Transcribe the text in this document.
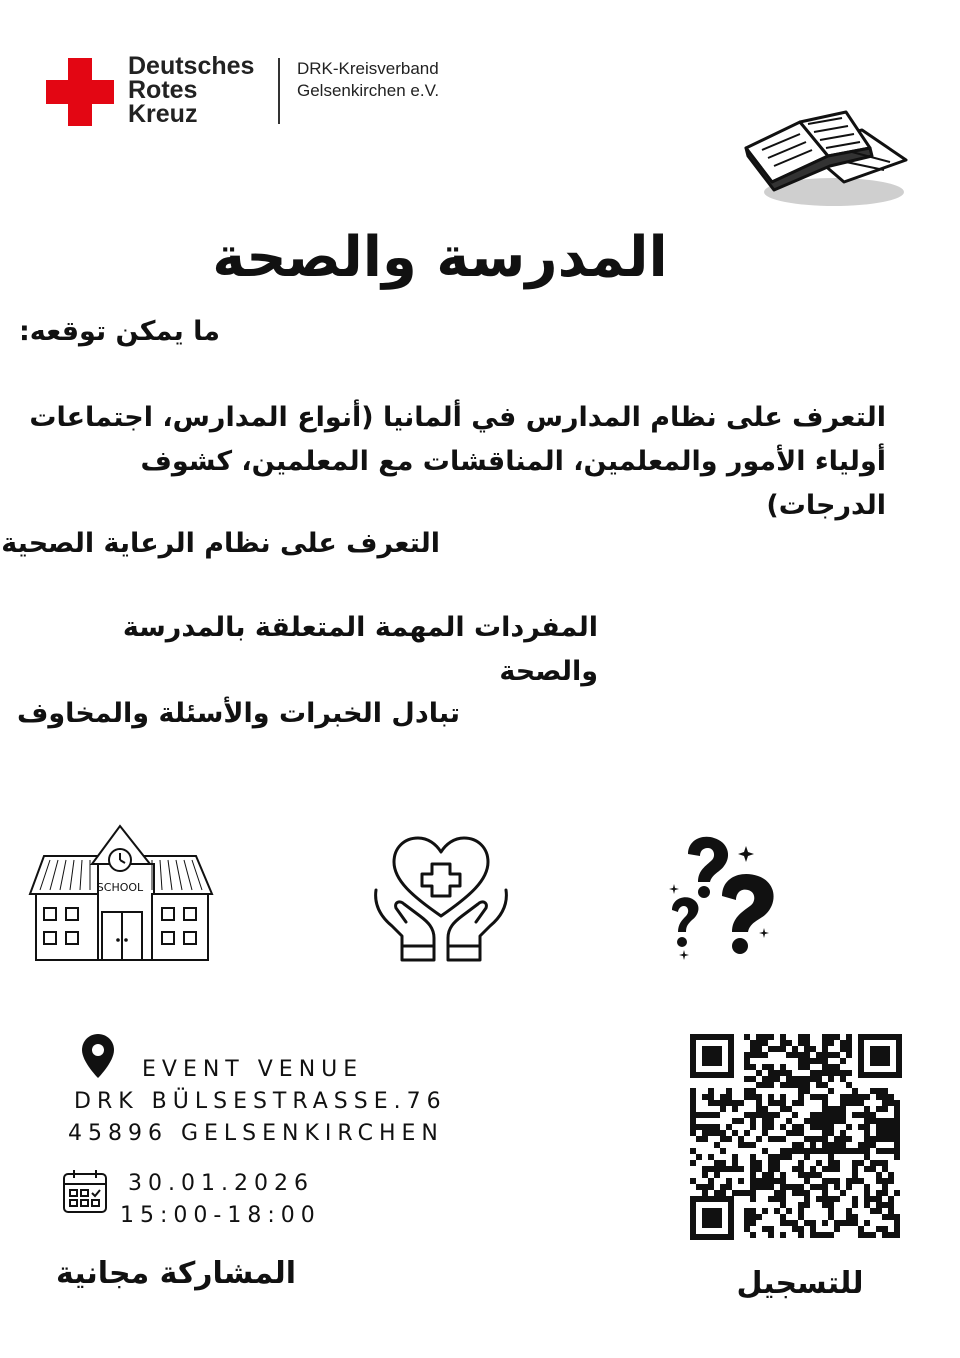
Deutsches
Rotes
Kreuz
DRK-Kreisverband
Gelsenkirchen e.V.
المدرسة والصحة

ما يمكن توقعه:

التعرف على نظام المدارس في ألمانيا (أنواع المدارس، اجتماعات

أولياء الأمور والمعلمين، المناقشات مع المعلمين، كشوف الدرجات)

التعرف على نظام الرعاية الصحية

المفردات المهمة المتعلقة بالمدرسة والصحة

تبادل الخبرات والأسئلة والمخاوف

SCHOOL

EVENT VENUE

DRK BÜLSESTRASSE.76

45896 GELSENKIRCHEN

30.01.2026

15:00-18:00

المشاركة مجانية	للتسجيل
